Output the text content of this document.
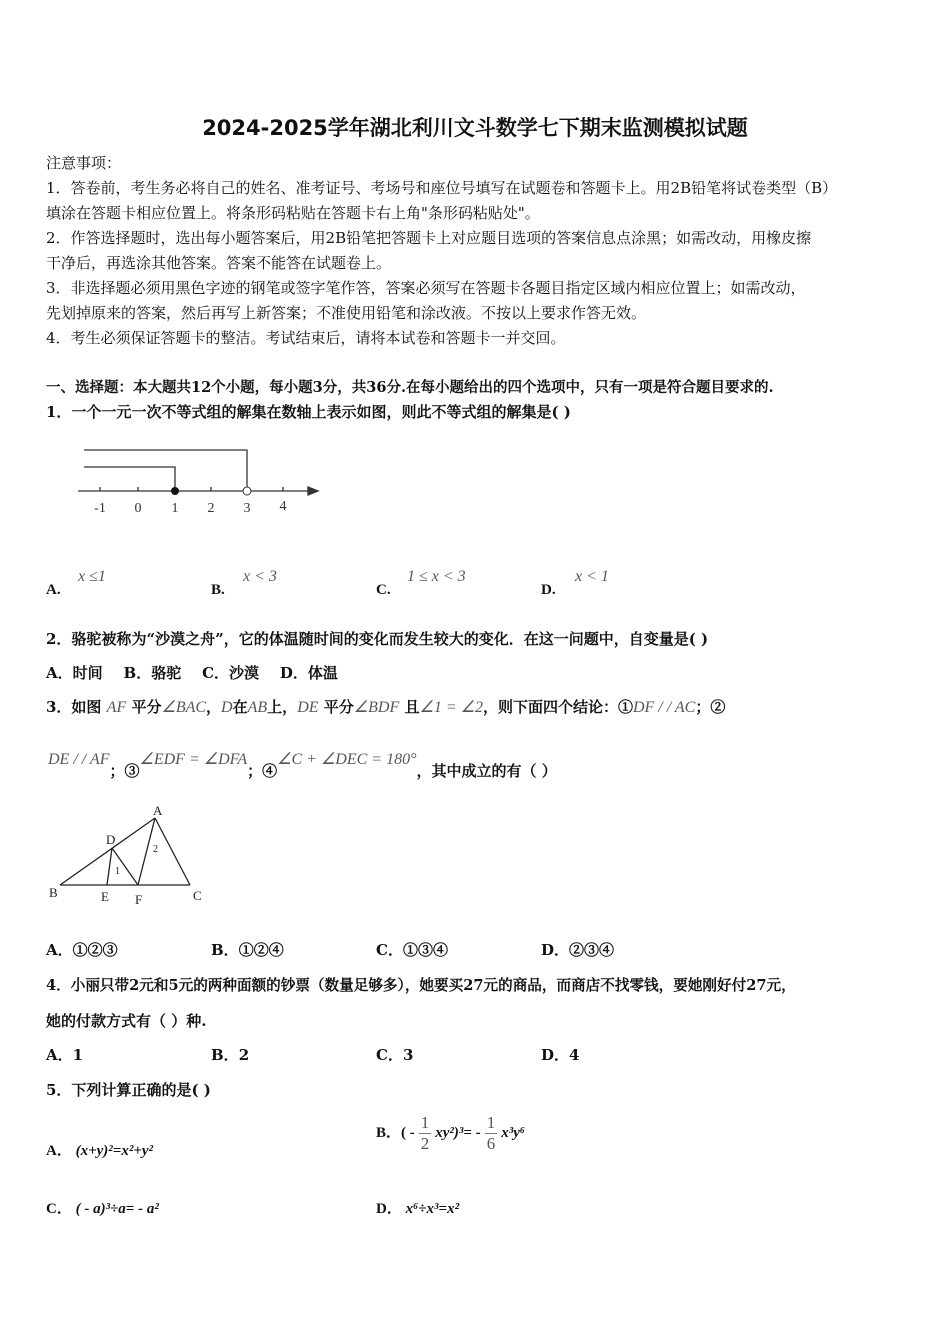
2024-2025学年湖北利川文斗数学七下期末监测模拟试题
注意事项：
1．答卷前，考生务必将自己的姓名、准考证号、考场号和座位号填写在试题卷和答题卡上。用2B铅笔将试卷类型（B）
填涂在答题卡相应位置上。将条形码粘贴在答题卡右上角"条形码粘贴处"。
2．作答选择题时，选出每小题答案后，用2B铅笔把答题卡上对应题目选项的答案信息点涂黑；如需改动，用橡皮擦
干净后，再选涂其他答案。答案不能答在试题卷上。
3．非选择题必须用黑色字迹的钢笔或签字笔作答，答案必须写在答题卡各题目指定区域内相应位置上；如需改动，
先划掉原来的答案，然后再写上新答案；不准使用铅笔和涂改液。不按以上要求作答无效。
4．考生必须保证答题卡的整洁。考试结束后，请将本试卷和答题卡一并交回。
一、选择题：本大题共12个小题，每小题3分，共36分.在每小题给出的四个选项中，只有一项是符合题目要求的.
1．一个一元一次不等式组的解集在数轴上表示如图，则此不等式组的解集是( )
-1 0 1 2 3 4
A.
x ≤1
B.
x < 3
C.
1 ≤ x < 3
D.
x < 1
2．骆驼被称为“沙漠之舟”，它的体温随时间的变化而发生较大的变化．在这一问题中，自变量是( )
A．时间    B．骆驼    C．沙漠    D．体温
3．如图 AF 平分∠BAC，D在AB上，DE 平分∠BDF 且∠1 = ∠2，则下面四个结论：①DF / / AC；②
DE / / AF；③∠EDF = ∠DFA；④∠C + ∠DEC = 180°，其中成立的有（ ）
A
B	C
D
E F
1
2
A．①②③	B．①②④	C．①③④	D．②③④
4．小丽只带2元和5元的两种面额的钞票（数量足够多），她要买27元的商品，而商店不找零钱，要她刚好付27元，
她的付款方式有（ ）种.
A．1	B．2	C．3	D．4
5．下列计算正确的是( )
A． (x+y)²=x²+y²
B．( - $\frac{1}{2} xy^2)^3= - \frac{1}{6} x^3y^6$
C． ( - a)³÷a= - a²	D． x⁶÷x³=x²
